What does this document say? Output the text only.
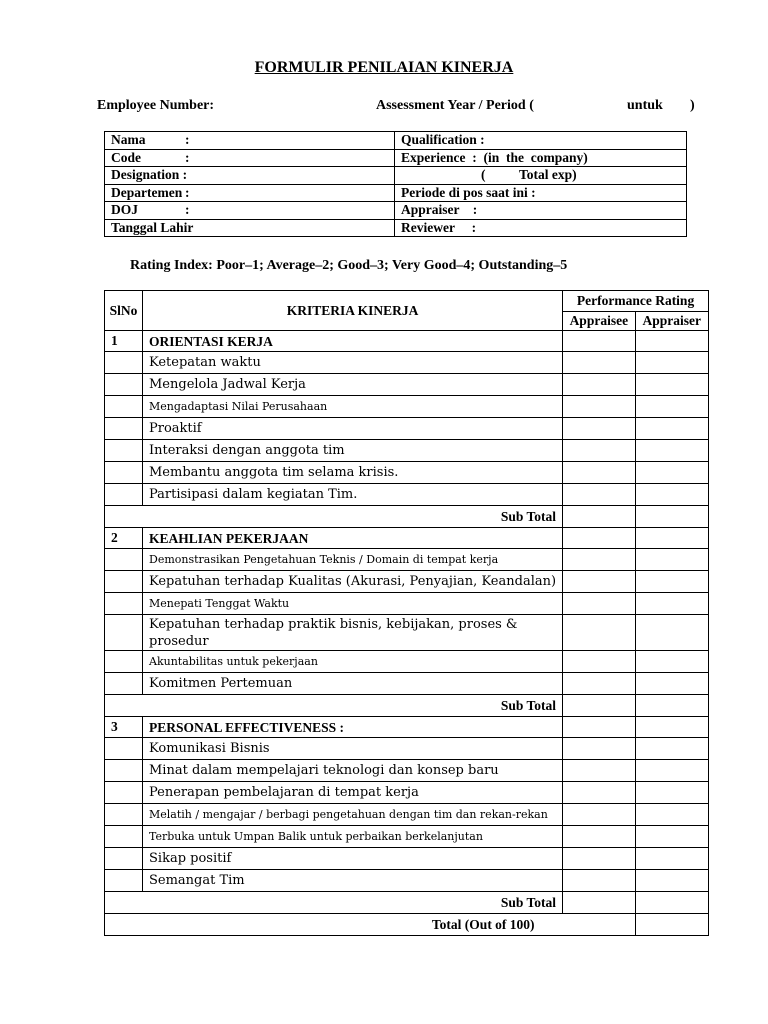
FORMULIR PENILAIAN KINERJA
Employee Number:	Assessment Year / Period (	untuk )
Nama :	Qualification :
Code :	Experience  :  (in  the  company)
Designation :	(          Total exp)
Departemen :	Periode di pos saat ini :
DOJ :	Appraiser    :
Tanggal Lahir	Reviewer     :
Rating Index: Poor–1; Average–2; Good–3; Very Good–4; Outstanding–5
SlNo	KRITERIA KINERJA	Performance Rating	
		Appraisee	Appraiser
1	ORIENTASI KERJA		
	Ketepatan waktu		
	Mengelola Jadwal Kerja		
	Mengadaptasi Nilai Perusahaan		
	Proaktif		
	Interaksi dengan anggota tim		
	Membantu anggota tim selama krisis.		
	Partisipasi dalam kegiatan Tim.		
Sub Total			
2	KEAHLIAN PEKERJAAN		
	Demonstrasikan Pengetahuan Teknis / Domain di tempat kerja		
	Kepatuhan terhadap Kualitas (Akurasi, Penyajian, Keandalan)		
	Menepati Tenggat Waktu		
	Kepatuhan terhadap praktik bisnis, kebijakan, proses & prosedur		
	Akuntabilitas untuk pekerjaan		
	Komitmen Pertemuan		
Sub Total			
3	PERSONAL EFFECTIVENESS :		
	Komunikasi Bisnis		
	Minat dalam mempelajari teknologi dan konsep baru		
	Penerapan pembelajaran di tempat kerja		
	Melatih / mengajar / berbagi pengetahuan dengan tim dan rekan-rekan		
	Terbuka untuk Umpan Balik untuk perbaikan berkelanjutan		
	Sikap positif		
	Semangat Tim		
Sub Total			
Total (Out of 100)			
